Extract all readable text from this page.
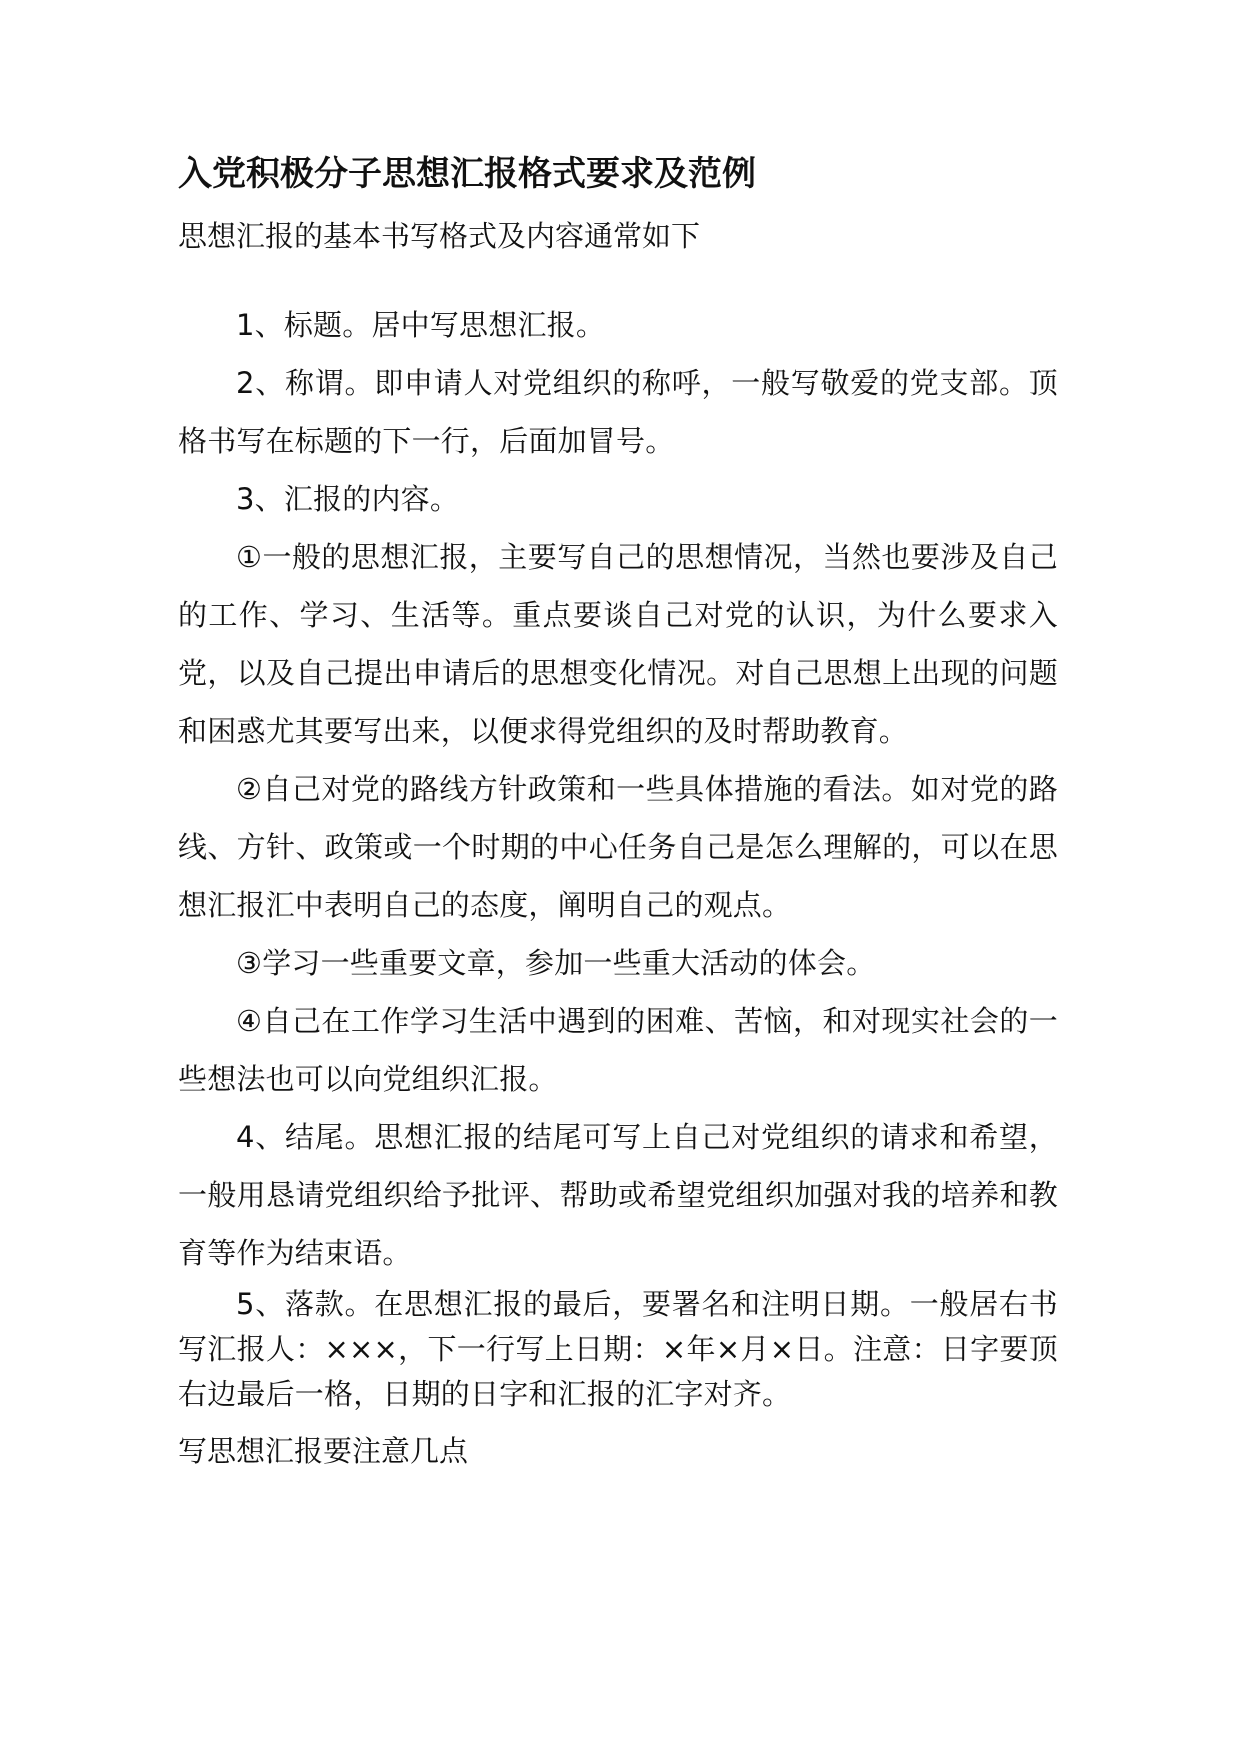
入党积极分子思想汇报格式要求及范例

思想汇报的基本书写格式及内容通常如下

1、标题。居中写思想汇报。

2、称谓。即申请人对党组织的称呼，一般写敬爱的党支部。顶格书写在标题的下一行，后面加冒号。

3、汇报的内容。

①一般的思想汇报，主要写自己的思想情况，当然也要涉及自己的工作、学习、生活等。重点要谈自己对党的认识，为什么要求入党，以及自己提出申请后的思想变化情况。对自己思想上出现的问题和困惑尤其要写出来，以便求得党组织的及时帮助教育。

②自己对党的路线方针政策和一些具体措施的看法。如对党的路线、方针、政策或一个时期的中心任务自己是怎么理解的，可以在思想汇报汇中表明自己的态度，阐明自己的观点。

③学习一些重要文章，参加一些重大活动的体会。

④自己在工作学习生活中遇到的困难、苦恼，和对现实社会的一些想法也可以向党组织汇报。

4、结尾。思想汇报的结尾可写上自己对党组织的请求和希望，一般用恳请党组织给予批评、帮助或希望党组织加强对我的培养和教育等作为结束语。

5、落款。在思想汇报的最后，要署名和注明日期。一般居右书写汇报人：×××，下一行写上日期：×年×月×日。注意：日字要顶右边最后一格，日期的日字和汇报的汇字对齐。

写思想汇报要注意几点
